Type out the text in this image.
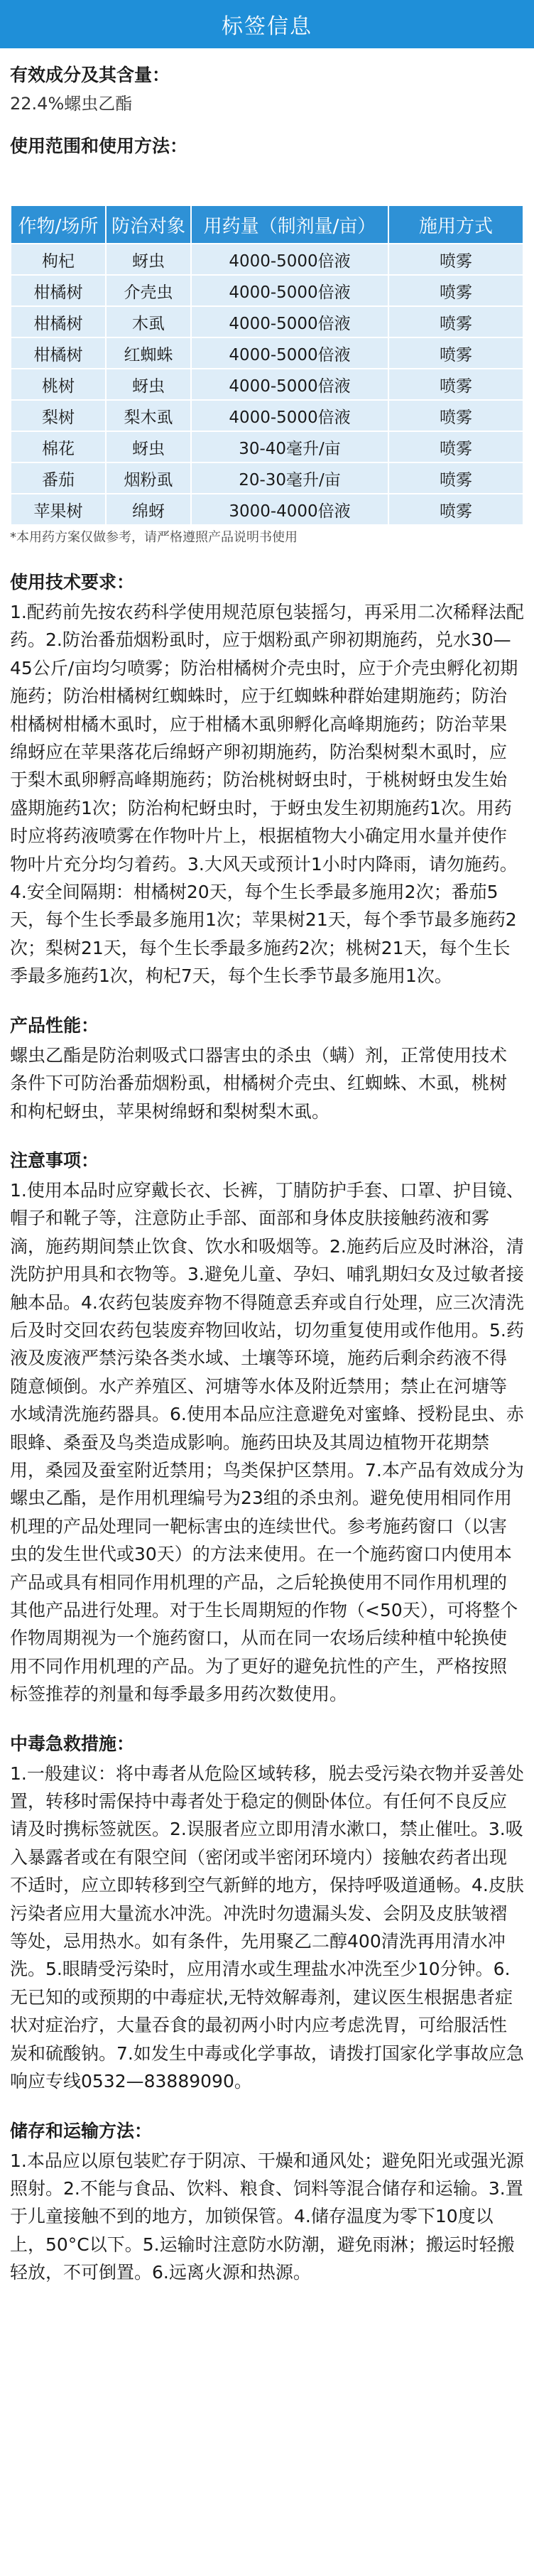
标签信息
有效成分及其含量：
22.4%螺虫乙酯
使用范围和使用方法：
作物/场所	防治对象	用药量（制剂量/亩）	施用方式
枸杞	蚜虫	4000-5000倍液	喷雾
柑橘树	介壳虫	4000-5000倍液	喷雾
柑橘树	木虱	4000-5000倍液	喷雾
柑橘树	红蜘蛛	4000-5000倍液	喷雾
桃树	蚜虫	4000-5000倍液	喷雾
梨树	梨木虱	4000-5000倍液	喷雾
棉花	蚜虫	30-40毫升/亩	喷雾
番茄	烟粉虱	20-30毫升/亩	喷雾
苹果树	绵蚜	3000-4000倍液	喷雾
*本用药方案仅做参考，请严格遵照产品说明书使用
使用技术要求：
1.配药前先按农药科学使用规范原包装摇匀，再采用二次稀释法配药。2.防治番茄烟粉虱时，应于烟粉虱产卵初期施药，兑水30—45公斤/亩均匀喷雾；防治柑橘树介壳虫时，应于介壳虫孵化初期施药；防治柑橘树红蜘蛛时，应于红蜘蛛种群始建期施药；防治柑橘树柑橘木虱时，应于柑橘木虱卵孵化高峰期施药；防治苹果绵蚜应在苹果落花后绵蚜产卵初期施药，防治梨树梨木虱时，应于梨木虱卵孵高峰期施药；防治桃树蚜虫时，于桃树蚜虫发生始盛期施药1次；防治枸杞蚜虫时，于蚜虫发生初期施药1次。用药时应将药液喷雾在作物叶片上，根据植物大小确定用水量并使作物叶片充分均匀着药。3.大风天或预计1小时内降雨，请勿施药。4.安全间隔期：柑橘树20天，每个生长季最多施用2次；番茄5天，每个生长季最多施用1次；苹果树21天，每个季节最多施药2次；梨树21天，每个生长季最多施药2次；桃树21天，每个生长季最多施药1次，枸杞7天，每个生长季节最多施用1次。
产品性能：
螺虫乙酯是防治刺吸式口器害虫的杀虫（螨）剂，正常使用技术条件下可防治番茄烟粉虱，柑橘树介壳虫、红蜘蛛、木虱，桃树和枸杞蚜虫，苹果树绵蚜和梨树梨木虱。
注意事项：
1.使用本品时应穿戴长衣、长裤，丁腈防护手套、口罩、护目镜、帽子和靴子等，注意防止手部、面部和身体皮肤接触药液和雾滴，施药期间禁止饮食、饮水和吸烟等。2.施药后应及时淋浴，清洗防护用具和衣物等。3.避免儿童、孕妇、哺乳期妇女及过敏者接触本品。4.农药包装废弃物不得随意丢弃或自行处理，应三次清洗后及时交回农药包装废弃物回收站，切勿重复使用或作他用。5.药液及废液严禁污染各类水域、土壤等环境，施药后剩余药液不得随意倾倒。水产养殖区、河塘等水体及附近禁用；禁止在河塘等水域清洗施药器具。6.使用本品应注意避免对蜜蜂、授粉昆虫、赤眼蜂、桑蚕及鸟类造成影响。施药田块及其周边植物开花期禁用，桑园及蚕室附近禁用；鸟类保护区禁用。7.本产品有效成分为螺虫乙酯，是作用机理编号为23组的杀虫剂。避免使用相同作用机理的产品处理同一靶标害虫的连续世代。参考施药窗口（以害虫的发生世代或30天）的方法来使用。在一个施药窗口内使用本产品或具有相同作用机理的产品，之后轮换使用不同作用机理的其他产品进行处理。对于生长周期短的作物（<50天），可将整个作物周期视为一个施药窗口，从而在同一农场后续种植中轮换使用不同作用机理的产品。为了更好的避免抗性的产生，严格按照标签推荐的剂量和每季最多用药次数使用。
中毒急救措施：
1.一般建议：将中毒者从危险区域转移，脱去受污染衣物并妥善处置，转移时需保持中毒者处于稳定的侧卧体位。有任何不良反应请及时携标签就医。2.误服者应立即用清水漱口，禁止催吐。3.吸入暴露者或在有限空间（密闭或半密闭环境内）接触农药者出现不适时，应立即转移到空气新鲜的地方，保持呼吸道通畅。4.皮肤污染者应用大量流水冲洗。冲洗时勿遗漏头发、会阴及皮肤皱褶等处，忌用热水。如有条件，先用聚乙二醇400清洗再用清水冲洗。5.眼睛受污染时，应用清水或生理盐水冲洗至少10分钟。6.无已知的或预期的中毒症状,无特效解毒剂，建议医生根据患者症状对症治疗，大量吞食的最初两小时内应考虑洗胃，可给服活性炭和硫酸钠。7.如发生中毒或化学事故，请拨打国家化学事故应急响应专线0532—83889090。
储存和运输方法：
1.本品应以原包装贮存于阴凉、干燥和通风处；避免阳光或强光源照射。2.不能与食品、饮料、粮食、饲料等混合储存和运输。3.置于儿童接触不到的地方，加锁保管。4.储存温度为零下10度以上，50°C以下。5.运输时注意防水防潮，避免雨淋；搬运时轻搬轻放，不可倒置。6.远离火源和热源。
